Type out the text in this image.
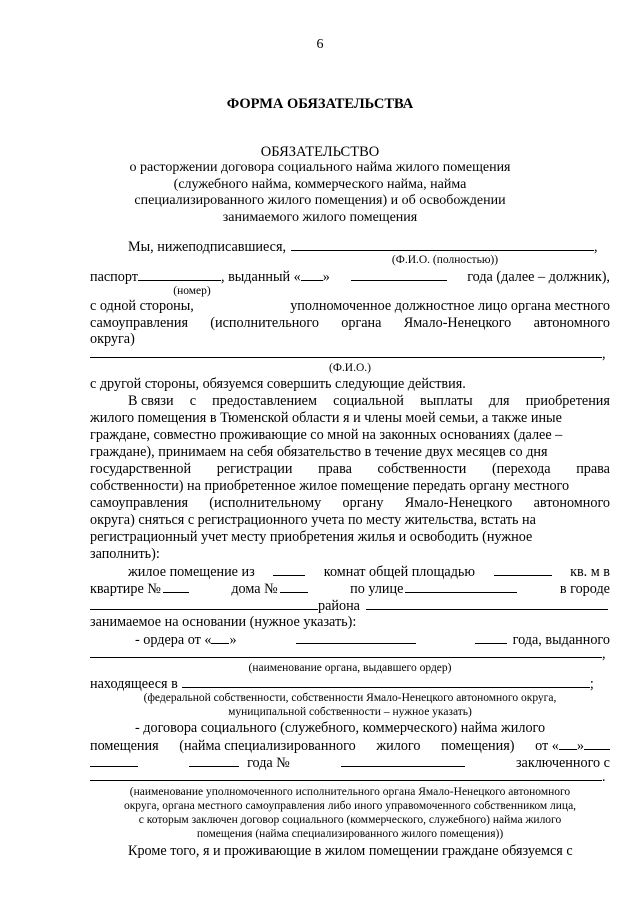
6
ФОРМА ОБЯЗАТЕЛЬСТВА
ОБЯЗАТЕЛЬСТВО
о расторжении договора социального найма жилого помещения
(служебного найма, коммерческого найма, найма
специализированного жилого помещения) и об освобождении
занимаемого жилого помещения
Мы, нижеподписавшиеся,	,
(Ф.И.О. (полностью))
паспорт	, выданный « »	года (далее – должник),
(номер)
с одной стороны,	уполномоченное должностное лицо органа местного
самоуправления (исполнительного органа Ямало-Ненецкого автономного
округа)
,
(Ф.И.О.)
с другой стороны, обязуемся совершить следующие действия.
В связи с предоставлением социальной выплаты для приобретения
жилого помещения в Тюменской области я и члены моей семьи, а также иные
граждане, совместно проживающие со мной на законных основаниях (далее –
граждане), принимаем на себя обязательство в течение двух месяцев со дня
государственной регистрации права собственности (перехода права
собственности) на приобретенное жилое помещение передать органу местного
самоуправления (исполнительному органу Ямало-Ненецкого автономного
округа) сняться с регистрационного учета по месту жительства, встать на
регистрационный учет месту приобретения жилья и освободить (нужное
заполнить):
жилое помещение из	комнат общей площадью	кв. м в
квартире №	дома №	по улице	в городе
района
занимаемое на основании (нужное указать):
- ордера от « »	года, выданного
,
(наименование органа, выдавшего ордер)
находящееся в	;
(федеральной собственности, собственности Ямало-Ненецкого автономного округа,
муниципальной собственности – нужное указать)
- договора социального (служебного, коммерческого) найма жилого
помещения (найма специализированного жилого помещения) от « »
года №	заключенного с
.
(наименование уполномоченного исполнительного органа Ямало-Ненецкого автономного
округа, органа местного самоуправления либо иного управомоченного собственником лица,
с которым заключен договор социального (коммерческого, служебного) найма жилого
помещения (найма специализированного жилого помещения))
Кроме того, я и проживающие в жилом помещении граждане обязуемся с
